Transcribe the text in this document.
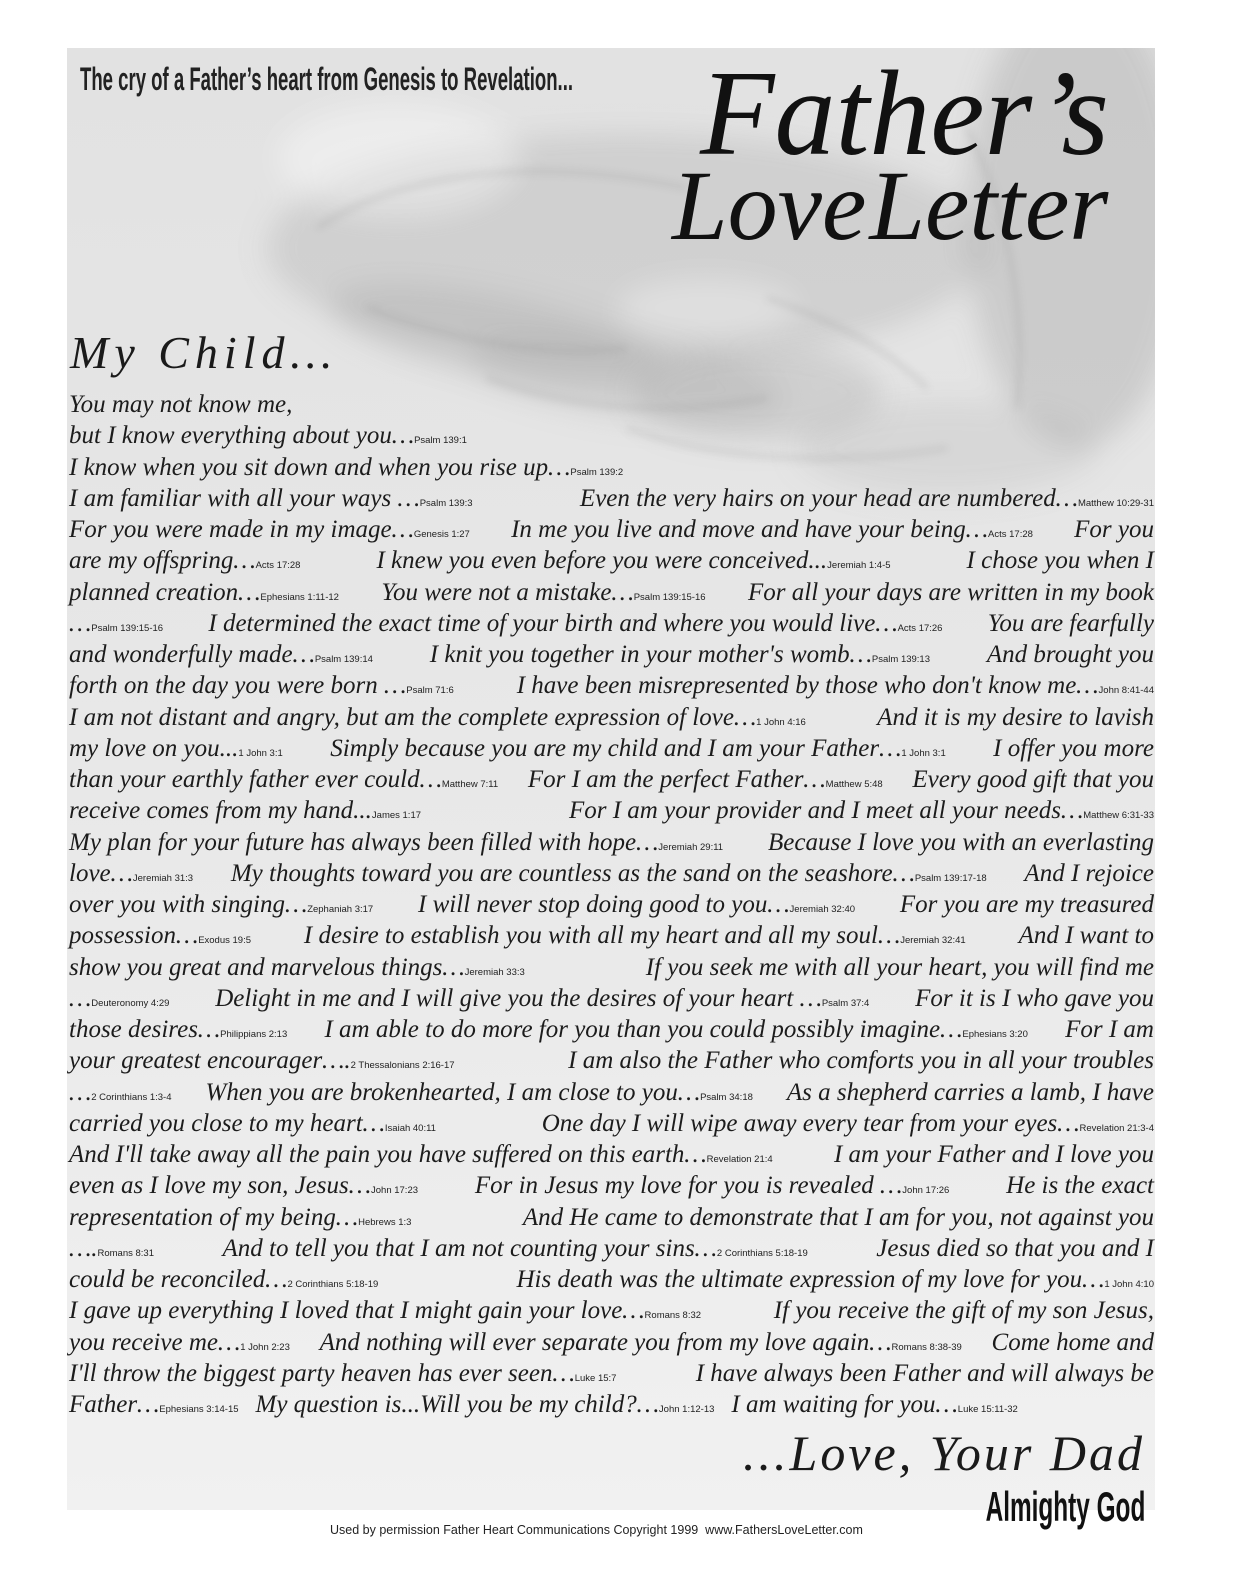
The cry of a Father’s heart from Genesis to Revelation... Father’s
Love Letter
My Child…
You may not know me,
but I know everything about you…Psalm 139:1
I know when you sit down and when you rise up…Psalm 139:2
I am familiar with all your ways …Psalm 139:3	Even the very hairs on your head are numbered…Matthew 10:29-31
For you were made in my image…Genesis 1:27 In me you live and move and have your being…Acts 17:28 For you
are my offspring…Acts 17:28	I knew you even before you were conceived...Jeremiah 1:4-5	I chose you when I
planned creation…Ephesians 1:11-12 You were not a mistake…Psalm 139:15-16 For all your days are written in my book
…Psalm 139:15-16 I determined the exact time of your birth and where you would live…Acts 17:26 You are fearfully
and wonderfully made…Psalm 139:14 I knit you together in your mother's womb…Psalm 139:13 And brought you
forth on the day you were born …Psalm 71:6	I have been misrepresented by those who don't know me…John 8:41-44
I am not distant and angry, but am the complete expression of love…1 John 4:16	And it is my desire to lavish
my love on you...1 John 3:1 Simply because you are my child and I am your Father…1 John 3:1 I offer you more
than your earthly father ever could…Matthew 7:11 For I am the perfect Father…Matthew 5:48 Every good gift that you
receive comes from my hand...James 1:17	For I am your provider and I meet all your needs…Matthew 6:31-33
My plan for your future has always been filled with hope…Jeremiah 29:11 Because I love you with an everlasting
love…Jeremiah 31:3 My thoughts toward you are countless as the sand on the seashore…Psalm 139:17-18 And I rejoice
over you with singing…Zephaniah 3:17 I will never stop doing good to you…Jeremiah 32:40 For you are my treasured
possession…Exodus 19:5 I desire to establish you with all my heart and all my soul…Jeremiah 32:41 And I want to
show you great and marvelous things…Jeremiah 33:3	If you seek me with all your heart, you will find me
…Deuteronomy 4:29 Delight in me and I will give you the desires of your heart …Psalm 37:4 For it is I who gave you
those desires…Philippians 2:13 I am able to do more for you than you could possibly imagine…Ephesians 3:20 For I am
your greatest encourager….2 Thessalonians 2:16-17	I am also the Father who comforts you in all your troubles
…2 Corinthians 1:3-4 When you are brokenhearted, I am close to you…Psalm 34:18 As a shepherd carries a lamb, I have
carried you close to my heart…Isaiah 40:11	One day I will wipe away every tear from your eyes…Revelation 21:3-4
And I'll take away all the pain you have suffered on this earth…Revelation 21:4 I am your Father and I love you
even as I love my son, Jesus…John 17:23 For in Jesus my love for you is revealed …John 17:26 He is the exact
representation of my being…Hebrews 1:3	And He came to demonstrate that I am for you, not against you
….Romans 8:31	And to tell you that I am not counting your sins…2 Corinthians 5:18-19	Jesus died so that you and I
could be reconciled…2 Corinthians 5:18-19	His death was the ultimate expression of my love for you…1 John 4:10
I gave up everything I loved that I might gain your love…Romans 8:32	If you receive the gift of my son Jesus,
you receive me…1 John 2:23 And nothing will ever separate you from my love again…Romans 8:38-39 Come home and
I'll throw the biggest party heaven has ever seen…Luke 15:7	I have always been Father and will always be
Father…Ephesians 3:14-15 My question is...Will you be my child?…John 1:12-13 I am waiting for you…Luke 15:11-32
...Love, Your Dad
Almighty God
Used by permission Father Heart Communications Copyright 1999  www.FathersLoveLetter.com
